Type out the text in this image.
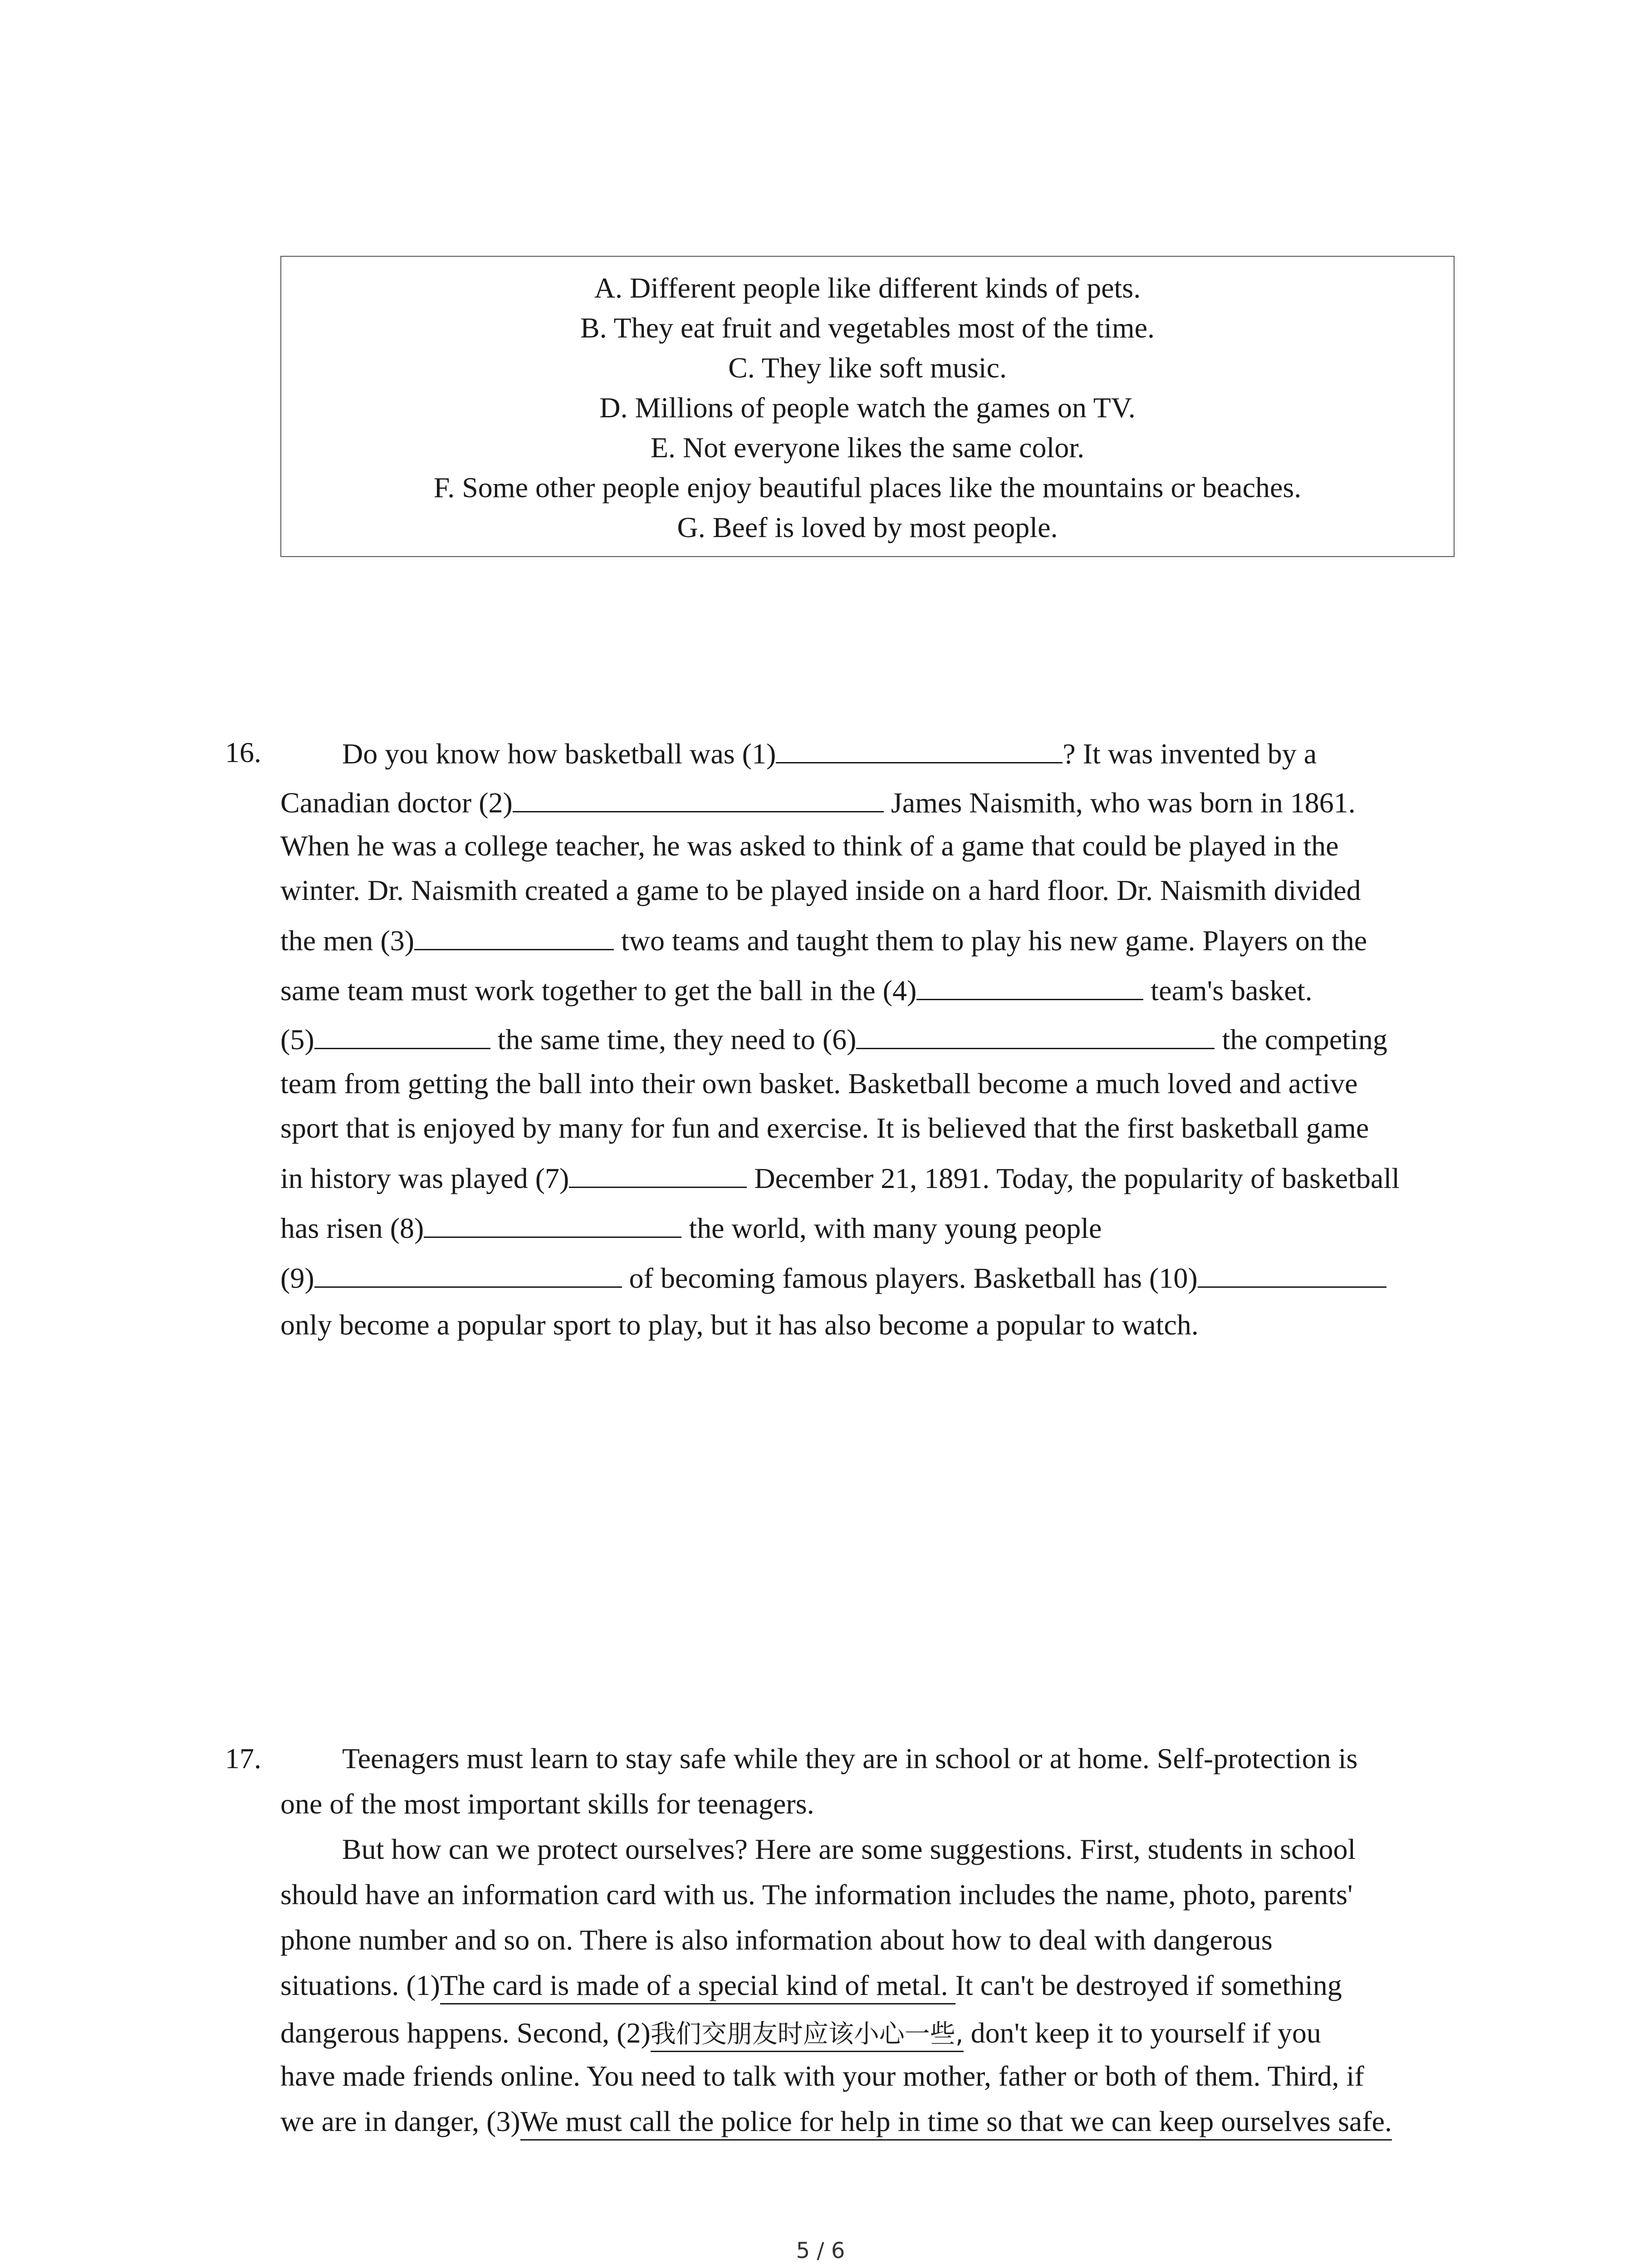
A. Different people like different kinds of pets.
B. They eat fruit and vegetables most of the time.
C. They like soft music.
D. Millions of people watch the games on TV.
E. Not everyone likes the same color.
F. Some other people enjoy beautiful places like the mountains or beaches.
G. Beef is loved by most people.
16.	Do you know how basketball was (1)	? It was invented by a
Canadian doctor (2)	James Naismith, who was born in 1861.
When he was a college teacher, he was asked to think of a game that could be played in the
winter. Dr. Naismith created a game to be played inside on a hard floor. Dr. Naismith divided
the men (3)	two teams and taught them to play his new game. Players on the
same team must work together to get the ball in the (4)	team's basket.
(5)	the same time, they need to (6)	the competing
team from getting the ball into their own basket. Basketball become a much loved and active
sport that is enjoyed by many for fun and exercise. It is believed that the first basketball game
in history was played (7)	December 21, 1891. Today, the popularity of basketball
has risen (8)	the world, with many young people
(9)	of becoming famous players. Basketball has (10)
only become a popular sport to play, but it has also become a popular to watch.
17.	Teenagers must learn to stay safe while they are in school or at home. Self-protection is
one of the most important skills for teenagers.
But how can we protect ourselves? Here are some suggestions. First, students in school
should have an information card with us. The information includes the name, photo, parents'
phone number and so on. There is also information about how to deal with dangerous
situations. (1)The card is made of a special kind of metal. It can't be destroyed if something
dangerous happens. Second, (2)我们交朋友时应该小心一些, don't keep it to yourself if you
have made friends online. You need to talk with your mother, father or both of them. Third, if
we are in danger, (3)We must call the police for help in time so that we can keep ourselves safe.
5 / 6
